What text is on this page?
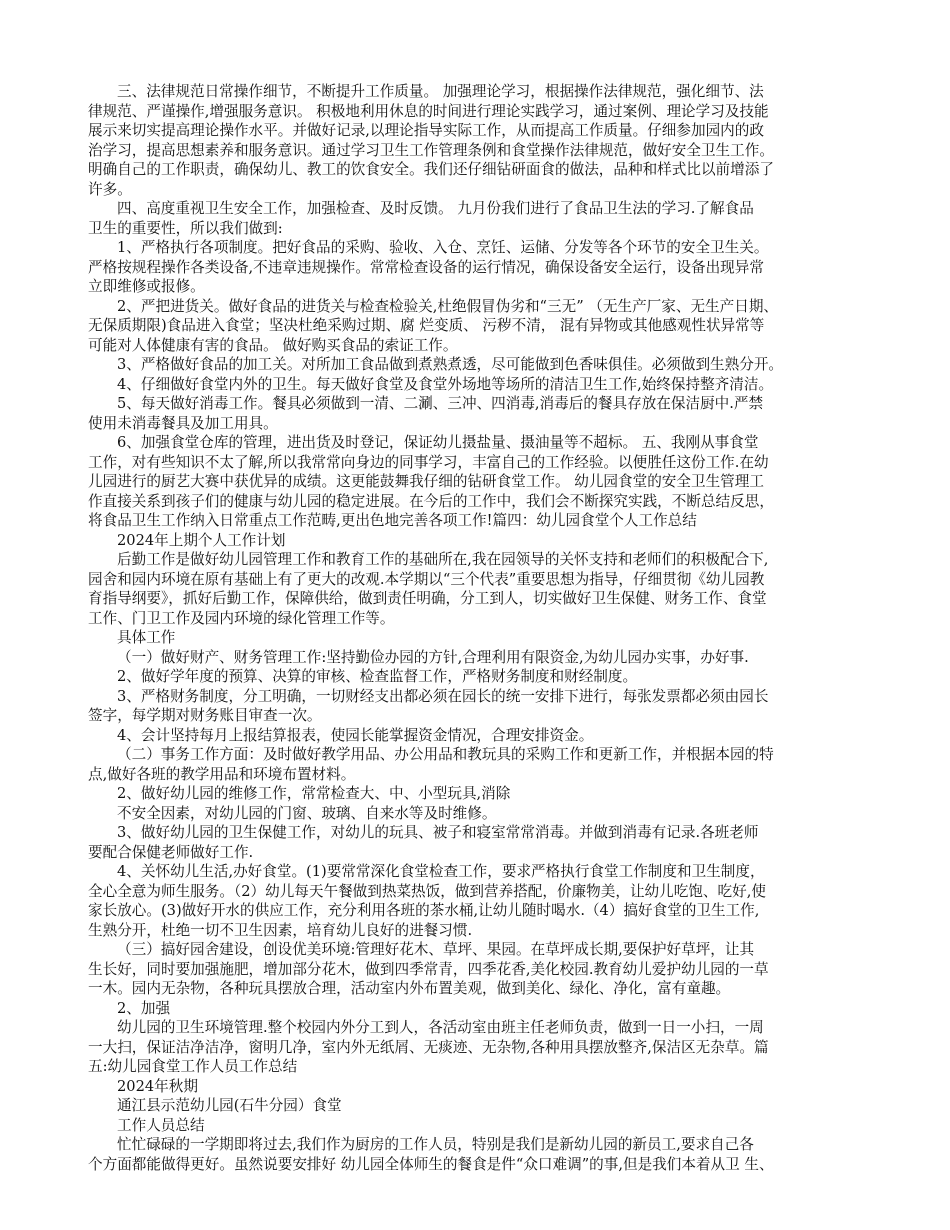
三、法律规范日常操作细节，不断提升工作质量。 加强理论学习，根据操作法律规范，强化细节、法
律规范、严谨操作,增强服务意识。 积极地利用休息的时间进行理论实践学习，通过案例、理论学习及技能
展示来切实提高理论操作水平。并做好记录,以理论指导实际工作，从而提高工作质量。仔细参加园内的政
治学习，提高思想素养和服务意识。通过学习卫生工作管理条例和食堂操作法律规范，做好安全卫生工作。
明确自己的工作职责，确保幼儿、教工的饮食安全。我们还仔细钻研面食的做法，品种和样式比以前增添了
许多。
四、高度重视卫生安全工作，加强检查、及时反馈。 九月份我们进行了食品卫生法的学习.了解食品
卫生的重要性，所以我们做到:
1、严格执行各项制度。把好食品的采购、验收、入仓、烹饪、运储、分发等各个环节的安全卫生关。
严格按规程操作各类设备,不违章违规操作。常常检查设备的运行情况，确保设备安全运行，设备出现异常
立即维修或报修。
2、严把进货关。做好食品的进货关与检查检验关,杜绝假冒伪劣和“三无” （无生产厂家、无生产日期、
无保质期限)食品进入食堂；坚决杜绝采购过期、腐 烂变质、 污秽不清， 混有异物或其他感观性状异常等
可能对人体健康有害的食品。 做好购买食品的索证工作。
3、严格做好食品的加工关。对所加工食品做到煮熟煮透，尽可能做到色香味俱佳。必须做到生熟分开。
4、仔细做好食堂内外的卫生。每天做好食堂及食堂外场地等场所的清洁卫生工作,始终保持整齐清洁。
5、每天做好消毒工作。餐具必须做到一清、二涮、三冲、四消毒,消毒后的餐具存放在保洁厨中.严禁
使用未消毒餐具及加工用具。
6、加强食堂仓库的管理，进出货及时登记，保证幼儿摄盐量、摄油量等不超标。 五、我刚从事食堂
工作，对有些知识不太了解,所以我常常向身边的同事学习，丰富自己的工作经验。以便胜任这份工作.在幼
儿园进行的厨艺大赛中获优异的成绩。这更能鼓舞我仔细的钻研食堂工作。 幼儿园食堂的安全卫生管理工
作直接关系到孩子们的健康与幼儿园的稳定进展。在今后的工作中，我们会不断探究实践，不断总结反思，
将食品卫生工作纳入日常重点工作范畴,更出色地完善各项工作!篇四：幼儿园食堂个人工作总结
2024年上期个人工作计划
后勤工作是做好幼儿园管理工作和教育工作的基础所在,我在园领导的关怀支持和老师们的积极配合下,
园舍和园内环境在原有基础上有了更大的改观.本学期以“三个代表”重要思想为指导，仔细贯彻《幼儿园教
育指导纲要》，抓好后勤工作，保障供给，做到责任明确，分工到人，切实做好卫生保健、财务工作、食堂
工作、门卫工作及园内环境的绿化管理工作等。
具体工作
（一）做好财产、财务管理工作:坚持勤俭办园的方针,合理利用有限资金,为幼儿园办实事，办好事.
2、做好学年度的预算、决算的审核、检查监督工作，严格财务制度和财经制度。
3、严格财务制度，分工明确，一切财经支出都必须在园长的统一安排下进行，每张发票都必须由园长
签字，每学期对财务账目审查一次。
4、会计坚持每月上报结算报表，使园长能掌握资金情况，合理安排资金。
（二）事务工作方面：及时做好教学用品、办公用品和教玩具的采购工作和更新工作，并根据本园的特
点,做好各班的教学用品和环境布置材料。
2、做好幼儿园的维修工作，常常检查大、中、小型玩具,消除
不安全因素，对幼儿园的门窗、玻璃、自来水等及时维修。
3、做好幼儿园的卫生保健工作，对幼儿的玩具、被子和寝室常常消毒。并做到消毒有记录.各班老师
要配合保健老师做好工作.
4、关怀幼儿生活,办好食堂。(1)要常常深化食堂检查工作，要求严格执行食堂工作制度和卫生制度，
全心全意为师生服务。（2）幼儿每天午餐做到热菜热饭，做到营养搭配，价廉物美，让幼儿吃饱、吃好,使
家长放心。(3)做好开水的供应工作，充分利用各班的茶水桶,让幼儿随时喝水.（4）搞好食堂的卫生工作,
生熟分开，杜绝一切不卫生因素，培育幼儿良好的进餐习惯.
（三）搞好园舍建设，创设优美环境:管理好花木、草坪、果园。在草坪成长期,要保护好草坪，让其
生长好，同时要加强施肥，增加部分花木，做到四季常青，四季花香,美化校园.教育幼儿爱护幼儿园的一草
一木。园内无杂物，各种玩具摆放合理，活动室内外布置美观，做到美化、绿化、净化，富有童趣。
2、加强
幼儿园的卫生环境管理.整个校园内外分工到人，各活动室由班主任老师负责，做到一日一小扫，一周
一大扫，保证洁净洁净，窗明几净，室内外无纸屑、无痰迹、无杂物,各种用具摆放整齐,保洁区无杂草。篇
五:幼儿园食堂工作人员工作总结
2024年秋期
通江县示范幼儿园(石牛分园）食堂
工作人员总结
忙忙碌碌的一学期即将过去,我们作为厨房的工作人员，特别是我们是新幼儿园的新员工,要求自己各
个方面都能做得更好。虽然说要安排好 幼儿园全体师生的餐食是件“众口难调”的事,但是我们本着从卫 生、
